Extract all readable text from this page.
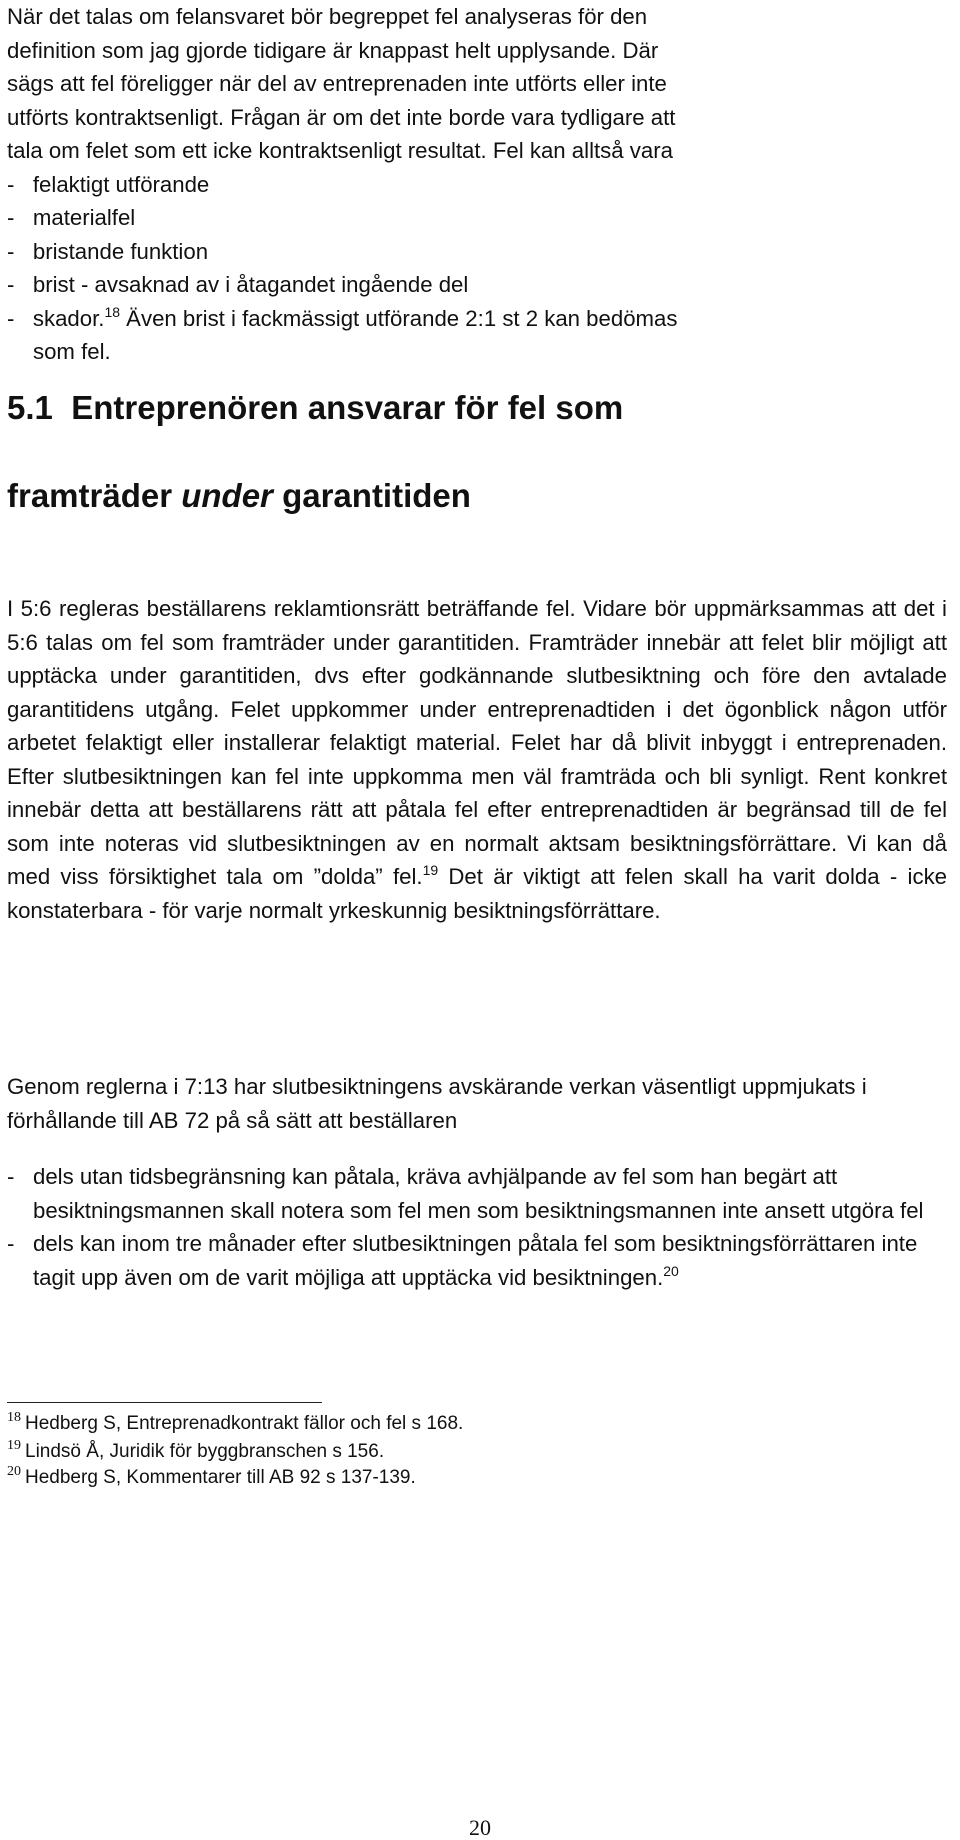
När det talas om felansvaret bör begreppet fel analyseras för den
definition som jag gjorde tidigare är knappast helt upplysande. Där
sägs att fel föreligger när del av entreprenaden inte utförts eller inte
utförts kontraktsenligt. Frågan är om det inte borde vara tydligare att
tala om felet som ett icke kontraktsenligt resultat. Fel kan alltså vara
-   felaktigt utförande
-   materialfel
-   bristande funktion
-   brist - avsaknad av i åtagandet ingående del
-   skador.$^{18}$ Även brist i fackmässigt utförande 2:1 st 2 kan bedömas
som fel.
5.1 Entreprenören ansvarar för fel som
framträder under garantitiden
I 5:6 regleras beställarens reklamtionsrätt beträffande fel. Vidare bör uppmärksammas att det i 5:6 talas om fel som framträder under garantitiden. Framträder innebär att felet blir möjligt att upptäcka under garantitiden, dvs efter godkännande slutbesiktning och före den avtalade garantitidens utgång. Felet uppkommer under entreprenadtiden i det ögonblick någon utför arbetet felaktigt eller installerar felaktigt material. Felet har då blivit inbyggt i entreprenaden. Efter slutbesiktningen kan fel inte uppkomma men väl framträda och bli synligt. Rent konkret innebär detta att beställarens rätt att påtala fel efter entreprenadtiden är begränsad till de fel som inte noteras vid slutbesiktningen av en normalt aktsam besiktningsförrättare. Vi kan då med viss försiktighet tala om ”dolda” fel.$^{19}$ Det är viktigt att felen skall ha varit dolda - icke konstaterbara - för varje normalt yrkeskunnig besiktningsförrättare.
Genom reglerna i 7:13 har slutbesiktningens avskärande verkan väsentligt uppmjukats i förhållande till AB 72 på så sätt att beställaren
- dels utan tidsbegränsning kan påtala, kräva avhjälpande av fel som han begärt att besiktningsmannen skall notera som fel men som besiktningsmannen inte ansett utgöra fel
- dels kan inom tre månader efter slutbesiktningen påtala fel som besiktningsförrättaren inte tagit upp även om de varit möjliga att upptäcka vid besiktningen.$^{20}$
$^{18}$ Hedberg S, Entreprenadkontrakt fällor och fel s 168.
$^{19}$ Lindsö Å, Juridik för byggbranschen s 156.
$^{20}$ Hedberg S, Kommentarer till AB 92 s 137-139.
20
